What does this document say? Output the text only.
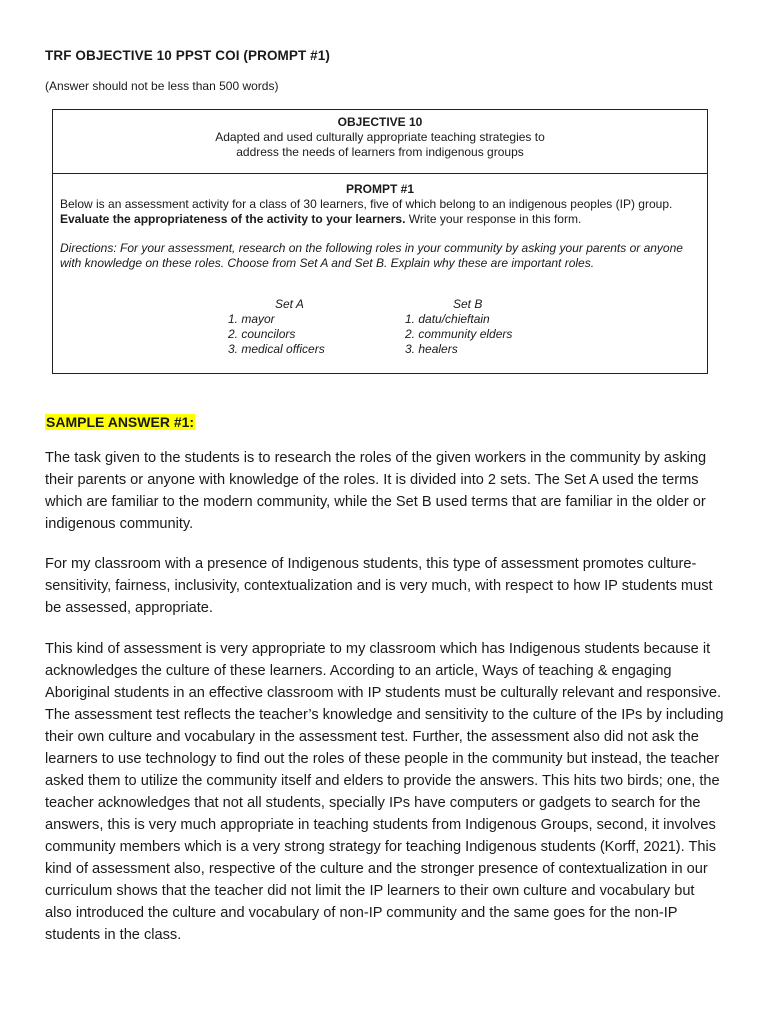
TRF OBJECTIVE 10 PPST COI (PROMPT #1)
(Answer should not be less than 500 words)
OBJECTIVE 10
Adapted and used culturally appropriate teaching strategies to address the needs of learners from indigenous groups
PROMPT #1
Below is an assessment activity for a class of 30 learners, five of which belong to an indigenous peoples (IP) group.
Evaluate the appropriateness of the activity to your learners. Write your response in this form.
Directions: For your assessment, research on the following roles in your community by asking your parents or anyone with knowledge on these roles. Choose from Set A and Set B. Explain why these are important roles.
Set A
1. mayor
2. councilors
3. medical officers
Set B
1. datu/chieftain
2. community elders
3. healers
SAMPLE ANSWER #1:

The task given to the students is to research the roles of the given workers in the community by asking their parents or anyone with knowledge of the roles. It is divided into 2 sets. The Set A used the terms which are familiar to the modern community, while the Set B used terms that are familiar in the older or indigenous community.

For my classroom with a presence of Indigenous students, this type of assessment promotes culture-sensitivity, fairness, inclusivity, contextualization and is very much, with respect to how IP students must be assessed, appropriate.

This kind of assessment is very appropriate to my classroom which has Indigenous students because it acknowledges the culture of these learners. According to an article, Ways of teaching & engaging Aboriginal students in an effective classroom with IP students must be culturally relevant and responsive. The assessment test reflects the teacher’s knowledge and sensitivity to the culture of the IPs by including their own culture and vocabulary in the assessment test. Further, the assessment also did not ask the learners to use technology to find out the roles of these people in the community but instead, the teacher asked them to utilize the community itself and elders to provide the answers. This hits two birds; one, the teacher acknowledges that not all students, specially IPs have computers or gadgets to search for the answers, this is very much appropriate in teaching students from Indigenous Groups, second, it involves community members which is a very strong strategy for teaching Indigenous students (Korff, 2021). This kind of assessment also, respective of the culture and the stronger presence of contextualization in our curriculum shows that the teacher did not limit the IP learners to their own culture and vocabulary but also introduced the culture and vocabulary of non-IP community and the same goes for the non-IP students in the class.
